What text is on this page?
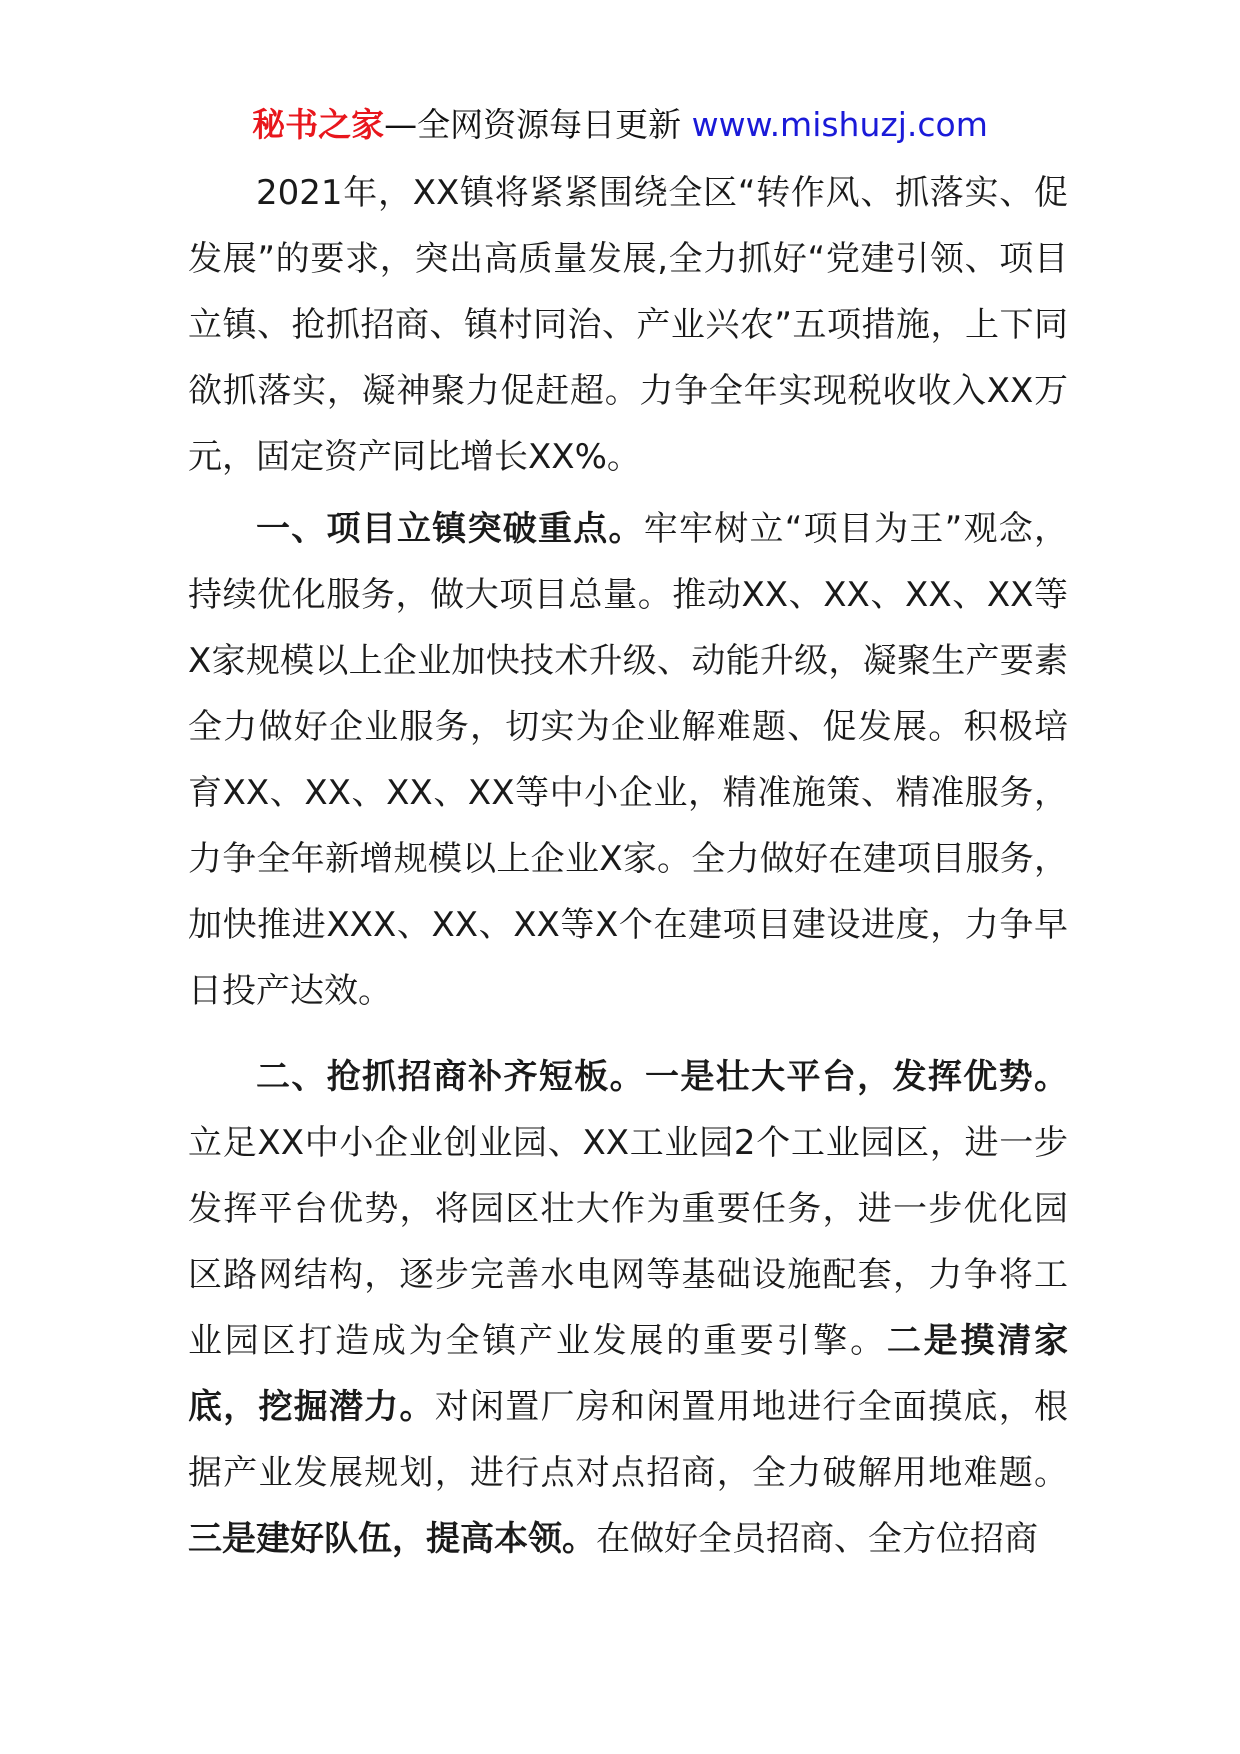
秘书之家—全网资源每日更新 www.mishuzj.com

2021年，XX镇将紧紧围绕全区“转作风、抓落实、促发展”的要求，突出高质量发展,全力抓好“党建引领、项目立镇、抢抓招商、镇村同治、产业兴农”五项措施，上下同欲抓落实，凝神聚力促赶超。力争全年实现税收收入XX万元，固定资产同比增长XX%。

一、项目立镇突破重点。牢牢树立“项目为王”观念，持续优化服务，做大项目总量。推动XX、XX、XX、XX等X家规模以上企业加快技术升级、动能升级，凝聚生产要素全力做好企业服务，切实为企业解难题、促发展。积极培育XX、XX、XX、XX等中小企业，精准施策、精准服务，力争全年新增规模以上企业X家。全力做好在建项目服务，加快推进XXX、XX、XX等X个在建项目建设进度，力争早日投产达效。

二、抢抓招商补齐短板。一是壮大平台，发挥优势。立足XX中小企业创业园、XX工业园2个工业园区，进一步发挥平台优势，将园区壮大作为重要任务，进一步优化园区路网结构，逐步完善水电网等基础设施配套，力争将工业园区打造成为全镇产业发展的重要引擎。二是摸清家底，挖掘潜力。对闲置厂房和闲置用地进行全面摸底，根据产业发展规划，进行点对点招商，全力破解用地难题。三是建好队伍，提高本领。在做好全员招商、全方位招商
